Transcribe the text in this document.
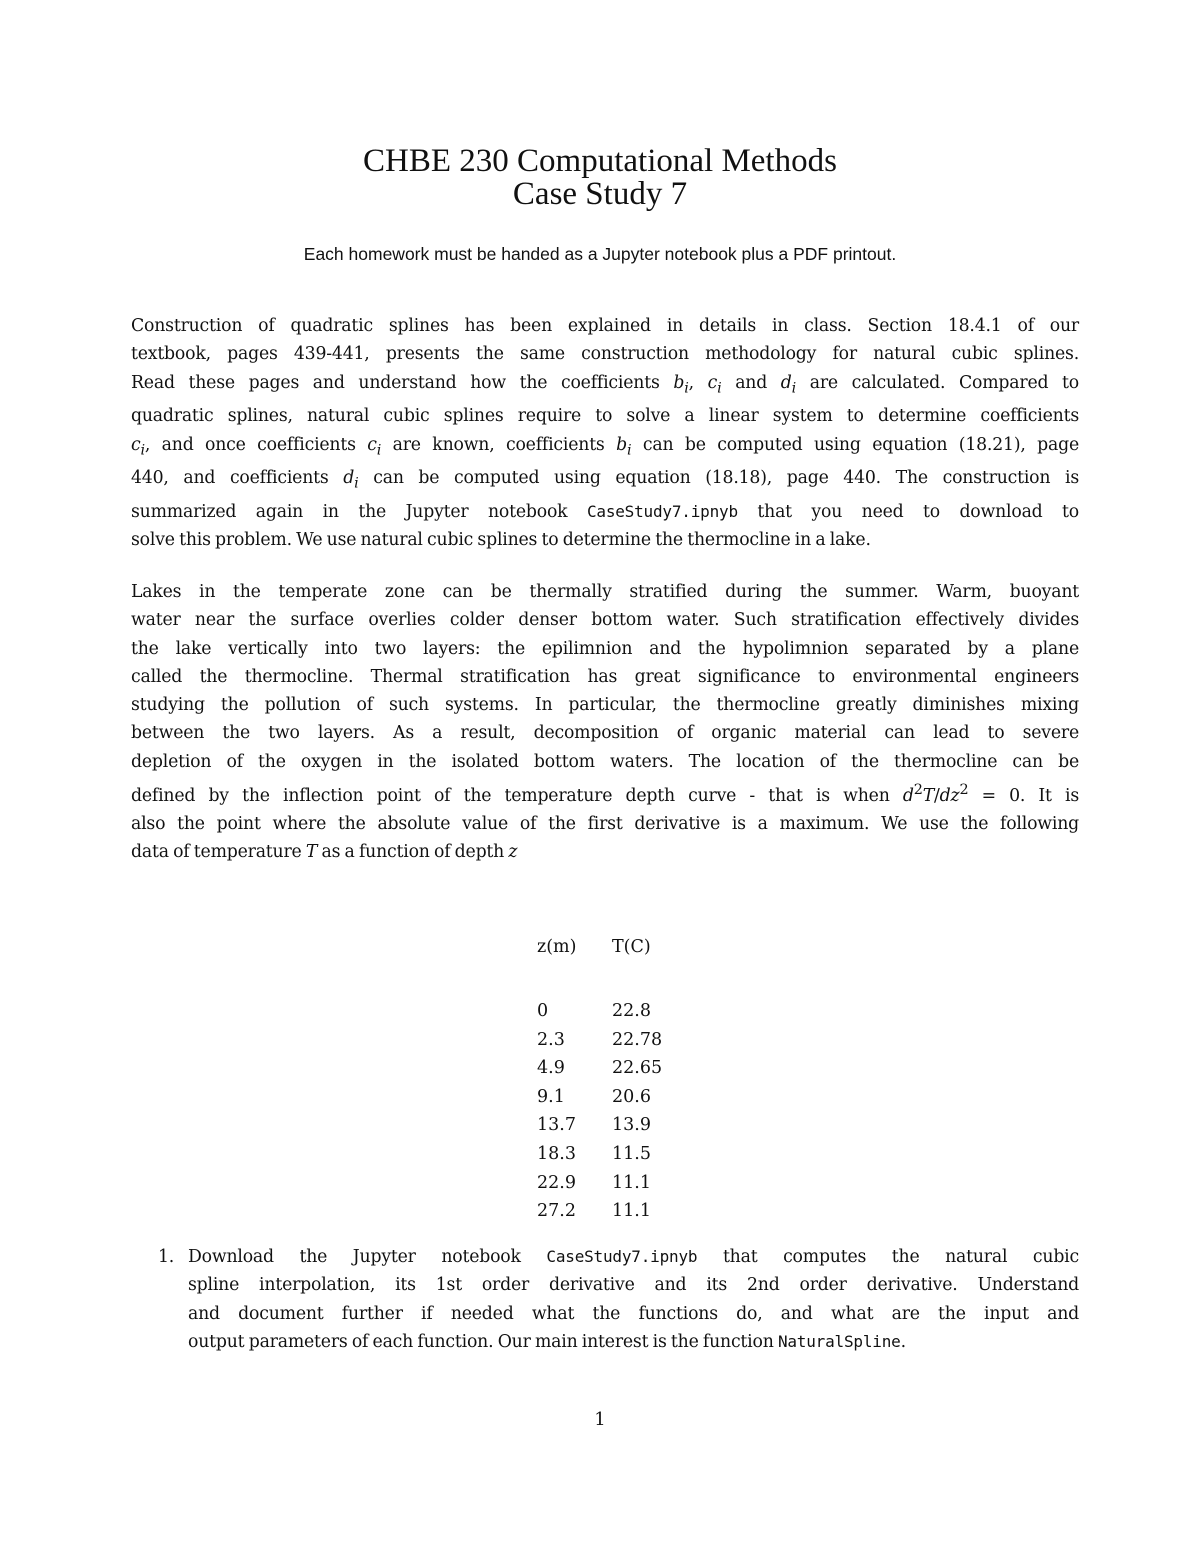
CHBE 230 Computational Methods
Case Study 7
Each homework must be handed as a Jupyter notebook plus a PDF printout.
Construction of quadratic splines has been explained in details in class. Section 18.4.1 of our
textbook, pages 439-441, presents the same construction methodology for natural cubic splines.
Read these pages and understand how the coefficients $b_i$, $c_i$ and $d_i$ are calculated. Compared to
quadratic splines, natural cubic splines require to solve a linear system to determine coefficients
$c_i$, and once coefficients $c_i$ are known, coefficients $b_i$ can be computed using equation (18.21), page
440, and coefficients $d_i$ can be computed using equation (18.18), page 440. The construction is
summarized again in the Jupyter notebook CaseStudy7.ipnyb that you need to download to
solve this problem. We use natural cubic splines to determine the thermocline in a lake.
Lakes in the temperate zone can be thermally stratified during the summer. Warm, buoyant
water near the surface overlies colder denser bottom water. Such stratification effectively divides
the lake vertically into two layers: the epilimnion and the hypolimnion separated by a plane
called the thermocline. Thermal stratification has great significance to environmental engineers
studying the pollution of such systems. In particular, the thermocline greatly diminishes mixing
between the two layers. As a result, decomposition of organic material can lead to severe
depletion of the oxygen in the isolated bottom waters. The location of the thermocline can be
defined by the inflection point of the temperature depth curve - that is when $d^2T/dz^2 = 0$. It is
also the point where the absolute value of the first derivative is a maximum. We use the following
data of temperature T as a function of depth z
z(m)	T(C)
0	22.8
2.3	22.78
4.9	22.65
9.1	20.6
13.7	13.9
18.3	11.5
22.9	11.1
27.2	11.1
1. Download the Jupyter notebook CaseStudy7.ipnyb that computes the natural cubic
spline interpolation, its 1st order derivative and its 2nd order derivative. Understand
and document further if needed what the functions do, and what are the input and
output parameters of each function. Our main interest is the function NaturalSpline.
1
